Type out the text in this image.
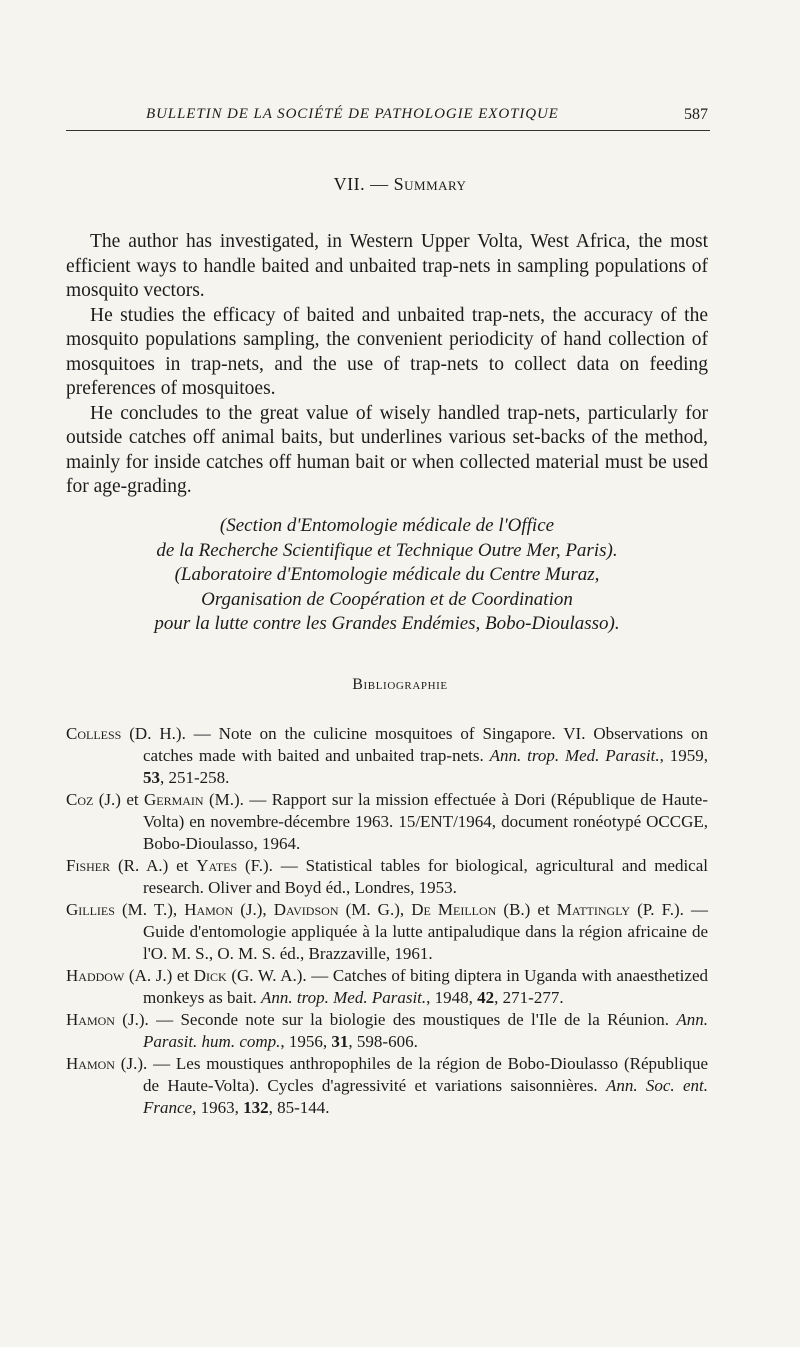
BULLETIN DE LA SOCIÉTÉ DE PATHOLOGIE EXOTIQUE	587
VII. — Summary

The author has investigated, in Western Upper Volta, West Africa, the most efficient ways to handle baited and unbaited trap-nets in sampling populations of mosquito vectors.

He studies the efficacy of baited and unbaited trap-nets, the accuracy of the mosquito populations sampling, the convenient periodicity of hand collection of mosquitoes in trap-nets, and the use of trap-nets to collect data on feeding preferences of mosquitoes.

He concludes to the great value of wisely handled trap-nets, particularly for outside catches off animal baits, but underlines various set-backs of the method, mainly for inside catches off human bait or when collected material must be used for age-grading.

(Section d'Entomologie médicale de l'Office
de la Recherche Scientifique et Technique Outre Mer, Paris).
(Laboratoire d'Entomologie médicale du Centre Muraz,
Organisation de Coopération et de Coordination
pour la lutte contre les Grandes Endémies, Bobo-Dioulasso).
Bibliographie

Colless (D. H.). — Note on the culicine mosquitoes of Singapore. VI. Observations on catches made with baited and unbaited trap-nets. Ann. trop. Med. Parasit., 1959, 53, 251-258.

Coz (J.) et Germain (M.). — Rapport sur la mission effectuée à Dori (République de Haute-Volta) en novembre-décembre 1963. 15/ENT/1964, document ronéotypé OCCGE, Bobo-Dioulasso, 1964.

Fisher (R. A.) et Yates (F.). — Statistical tables for biological, agricultural and medical research. Oliver and Boyd éd., Londres, 1953.

Gillies (M. T.), Hamon (J.), Davidson (M. G.), De Meillon (B.) et Mattingly (P. F.). — Guide d'entomologie appliquée à la lutte antipaludique dans la région africaine de l'O. M. S., O. M. S. éd., Brazzaville, 1961.

Haddow (A. J.) et Dick (G. W. A.). — Catches of biting diptera in Uganda with anaesthetized monkeys as bait. Ann. trop. Med. Parasit., 1948, 42, 271-277.

Hamon (J.). — Seconde note sur la biologie des moustiques de l'Ile de la Réunion. Ann. Parasit. hum. comp., 1956, 31, 598-606.

Hamon (J.). — Les moustiques anthropophiles de la région de Bobo-Dioulasso (République de Haute-Volta). Cycles d'agressivité et variations saisonnières. Ann. Soc. ent. France, 1963, 132, 85-144.
